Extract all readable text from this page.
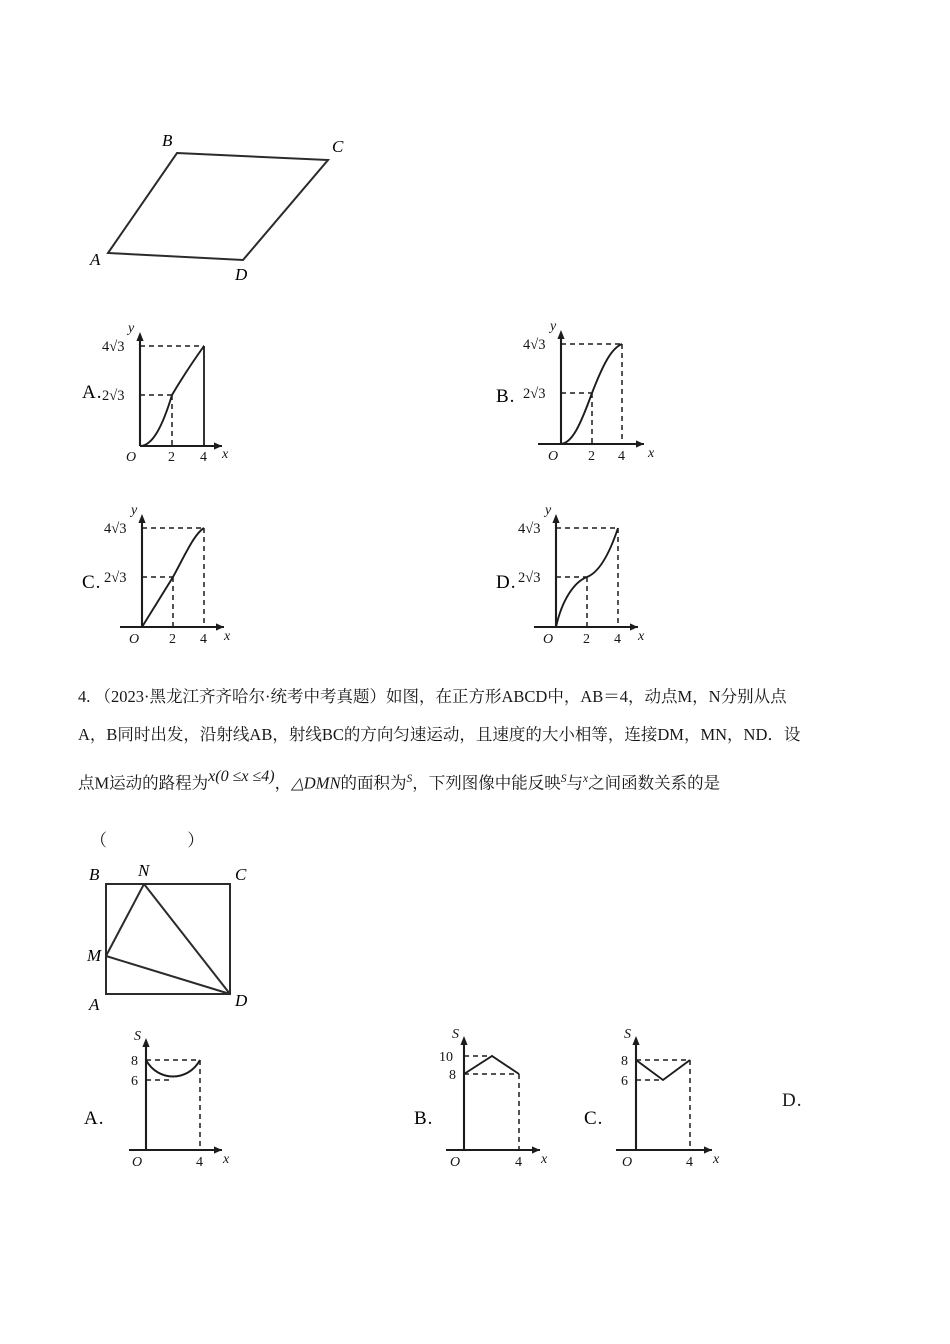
B	C
A
D
A.
4√3
2√3
2 4
O	x
y
B.
4√3
2√3
2 4
O	x
y
C.
4√3
2√3
2 4
O	x
y
D.
4√3
2√3
2 4
O	x
y
4. （2023·黑龙江齐齐哈尔·统考中考真题）如图，在正方形ABCD中，AB＝4，动点M，N分别从点
A，B同时出发，沿射线AB，射线BC的方向匀速运动，且速度的大小相等，连接DM，MN，ND．设
点M运动的路程为x(0 ≤x ≤4)，△DMN的面积为$^S$，下列图像中能反映$^S$与$^x$之间函数关系的是
（ ）
B N	C
M
A	D
A.
8
6
4
O	x
S
B.
10
8
4
O	x
S
C.
8
6
4
O	x
S
D.
